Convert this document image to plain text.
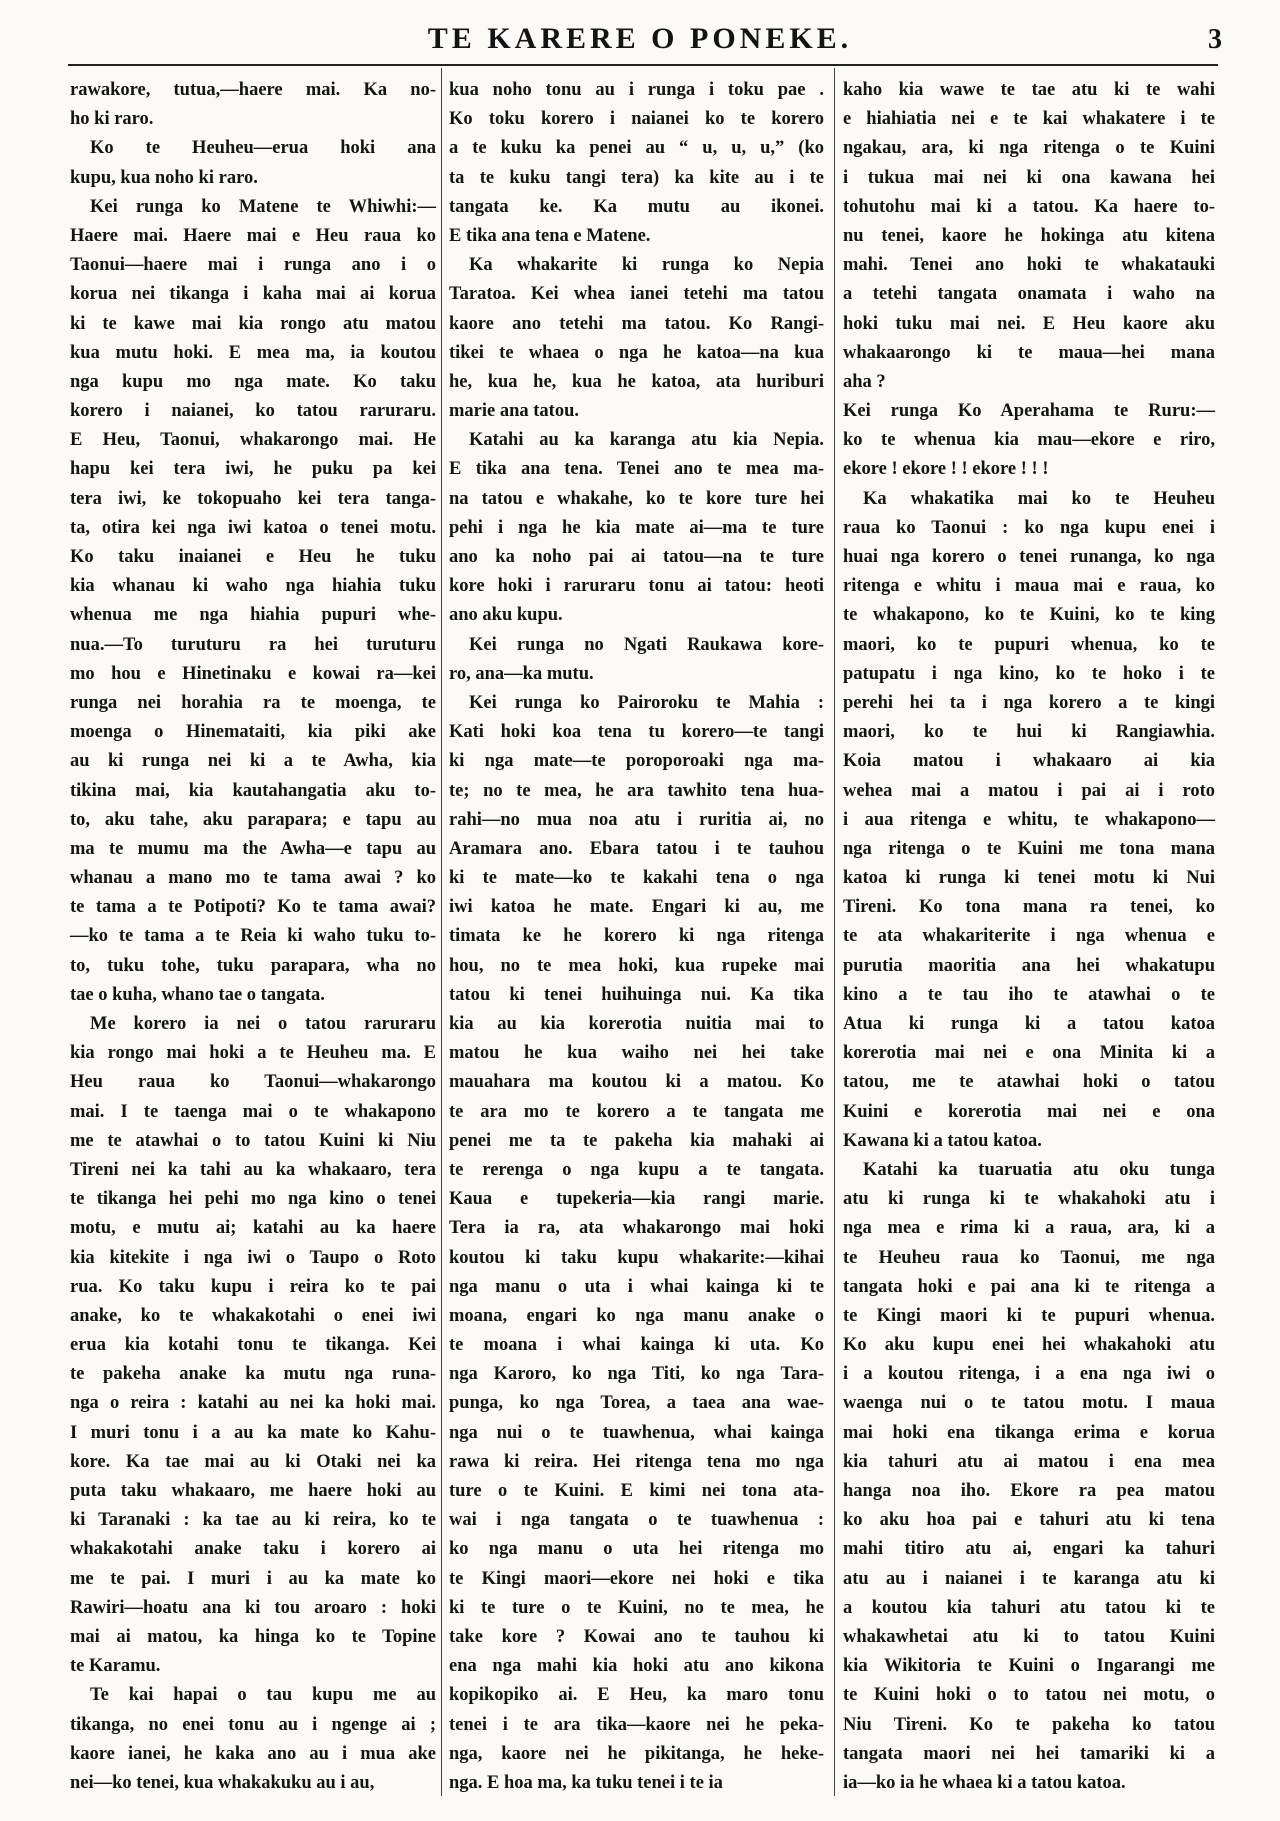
TE KARERE O PONEKE.	3
rawakore, tutua,—haere mai. Ka no-
ho ki raro.
Ko te Heuheu—erua hoki ana
kupu, kua noho ki raro.
Kei runga ko Matene te Whiwhi:—
Haere mai. Haere mai e Heu raua ko
Taonui—haere mai i runga ano i o
korua nei tikanga i kaha mai ai korua
ki te kawe mai kia rongo atu matou
kua mutu hoki. E mea ma, ia koutou
nga kupu mo nga mate. Ko taku
korero i naianei, ko tatou raruraru.
E Heu, Taonui, whakarongo mai. He
hapu kei tera iwi, he puku pa kei
tera iwi, ke tokopuaho kei tera tanga-
ta, otira kei nga iwi katoa o tenei motu.
Ko taku inaianei e Heu he tuku
kia whanau ki waho nga hiahia tuku
whenua me nga hiahia pupuri whe-
nua.—To turuturu ra hei turuturu
mo hou e Hinetinaku e kowai ra—kei
runga nei horahia ra te moenga, te
moenga o Hinemataiti, kia piki ake
au ki runga nei ki a te Awha, kia
tikina mai, kia kautahangatia aku to-
to, aku tahe, aku parapara; e tapu au
ma te mumu ma the Awha—e tapu au
whanau a mano mo te tama awai ? ko
te tama a te Potipoti? Ko te tama awai?
—ko te tama a te Reia ki waho tuku to-
to, tuku tohe, tuku parapara, wha no
tae o kuha, whano tae o tangata.
Me korero ia nei o tatou raruraru
kia rongo mai hoki a te Heuheu ma. E
Heu raua ko Taonui—whakarongo
mai. I te taenga mai o te whakapono
me te atawhai o to tatou Kuini ki Niu
Tireni nei ka tahi au ka whakaaro, tera
te tikanga hei pehi mo nga kino o tenei
motu, e mutu ai; katahi au ka haere
kia kitekite i nga iwi o Taupo o Roto
rua. Ko taku kupu i reira ko te pai
anake, ko te whakakotahi o enei iwi
erua kia kotahi tonu te tikanga. Kei
te pakeha anake ka mutu nga runa-
nga o reira : katahi au nei ka hoki mai.
I muri tonu i a au ka mate ko Kahu-
kore. Ka tae mai au ki Otaki nei ka
puta taku whakaaro, me haere hoki au
ki Taranaki : ka tae au ki reira, ko te
whakakotahi anake taku i korero ai
me te pai. I muri i au ka mate ko
Rawiri—hoatu ana ki tou aroaro : hoki
mai ai matou, ka hinga ko te Topine
te Karamu.
Te kai hapai o tau kupu me au
tikanga, no enei tonu au i ngenge ai ;
kaore ianei, he kaka ano au i mua ake
nei—ko tenei, kua whakakuku au i au,
kua noho tonu au i runga i toku pae .
Ko toku korero i naianei ko te korero
a te kuku ka penei au “ u, u, u,” (ko
ta te kuku tangi tera) ka kite au i te
tangata ke. Ka mutu au ikonei.
E tika ana tena e Matene.
Ka whakarite ki runga ko Nepia
Taratoa. Kei whea ianei tetehi ma tatou
kaore ano tetehi ma tatou. Ko Rangi-
tikei te whaea o nga he katoa—na kua
he, kua he, kua he katoa, ata huriburi
marie ana tatou.
Katahi au ka karanga atu kia Nepia.
E tika ana tena. Tenei ano te mea ma-
na tatou e whakahe, ko te kore ture hei
pehi i nga he kia mate ai—ma te ture
ano ka noho pai ai tatou—na te ture
kore hoki i raruraru tonu ai tatou: heoti
ano aku kupu.
Kei runga no Ngati Raukawa kore-
ro, ana—ka mutu.
Kei runga ko Pairoroku te Mahia :
Kati hoki koa tena tu korero—te tangi
ki nga mate—te poroporoaki nga ma-
te; no te mea, he ara tawhito tena hua-
rahi—no mua noa atu i ruritia ai, no
Aramara ano. Ebara tatou i te tauhou
ki te mate—ko te kakahi tena o nga
iwi katoa he mate. Engari ki au, me
timata ke he korero ki nga ritenga
hou, no te mea hoki, kua rupeke mai
tatou ki tenei huihuinga nui. Ka tika
kia au kia korerotia nuitia mai to
matou he kua waiho nei hei take
mauahara ma koutou ki a matou. Ko
te ara mo te korero a te tangata me
penei me ta te pakeha kia mahaki ai
te rerenga o nga kupu a te tangata.
Kaua e tupekeria—kia rangi marie.
Tera ia ra, ata whakarongo mai hoki
koutou ki taku kupu whakarite:—kihai
nga manu o uta i whai kainga ki te
moana, engari ko nga manu anake o
te moana i whai kainga ki uta. Ko
nga Karoro, ko nga Titi, ko nga Tara-
punga, ko nga Torea, a taea ana wae-
nga nui o te tuawhenua, whai kainga
rawa ki reira. Hei ritenga tena mo nga
ture o te Kuini. E kimi nei tona ata-
wai i nga tangata o te tuawhenua :
ko nga manu o uta hei ritenga mo
te Kingi maori—ekore nei hoki e tika
ki te ture o te Kuini, no te mea, he
take kore ? Kowai ano te tauhou ki
ena nga mahi kia hoki atu ano kikona
kopikopiko ai. E Heu, ka maro tonu
tenei i te ara tika—kaore nei he peka-
nga, kaore nei he pikitanga, he heke-
nga. E hoa ma, ka tuku tenei i te ia
kaho kia wawe te tae atu ki te wahi
e hiahiatia nei e te kai whakatere i te
ngakau, ara, ki nga ritenga o te Kuini
i tukua mai nei ki ona kawana hei
tohutohu mai ki a tatou. Ka haere to-
nu tenei, kaore he hokinga atu kitena
mahi. Tenei ano hoki te whakatauki
a tetehi tangata onamata i waho na
hoki tuku mai nei. E Heu kaore aku
whakaarongo ki te maua—hei mana
aha ?
Kei runga Ko Aperahama te Ruru:—
ko te whenua kia mau—ekore e riro,
ekore ! ekore ! ! ekore ! ! !
Ka whakatika mai ko te Heuheu
raua ko Taonui : ko nga kupu enei i
huai nga korero o tenei runanga, ko nga
ritenga e whitu i maua mai e raua, ko
te whakapono, ko te Kuini, ko te king
maori, ko te pupuri whenua, ko te
patupatu i nga kino, ko te hoko i te
perehi hei ta i nga korero a te kingi
maori, ko te hui ki Rangiawhia.
Koia matou i whakaaro ai kia
wehea mai a matou i pai ai i roto
i aua ritenga e whitu, te whakapono—
nga ritenga o te Kuini me tona mana
katoa ki runga ki tenei motu ki Nui
Tireni. Ko tona mana ra tenei, ko
te ata whakariterite i nga whenua e
purutia maoritia ana hei whakatupu
kino a te tau iho te atawhai o te
Atua ki runga ki a tatou katoa
korerotia mai nei e ona Minita ki a
tatou, me te atawhai hoki o tatou
Kuini e korerotia mai nei e ona
Kawana ki a tatou katoa.
Katahi ka tuaruatia atu oku tunga
atu ki runga ki te whakahoki atu i
nga mea e rima ki a raua, ara, ki a
te Heuheu raua ko Taonui, me nga
tangata hoki e pai ana ki te ritenga a
te Kingi maori ki te pupuri whenua.
Ko aku kupu enei hei whakahoki atu
i a koutou ritenga, i a ena nga iwi o
waenga nui o te tatou motu. I maua
mai hoki ena tikanga erima e korua
kia tahuri atu ai matou i ena mea
hanga noa iho. Ekore ra pea matou
ko aku hoa pai e tahuri atu ki tena
mahi titiro atu ai, engari ka tahuri
atu au i naianei i te karanga atu ki
a koutou kia tahuri atu tatou ki te
whakawhetai atu ki to tatou Kuini
kia Wikitoria te Kuini o Ingarangi me
te Kuini hoki o to tatou nei motu, o
Niu Tireni. Ko te pakeha ko tatou
tangata maori nei hei tamariki ki a
ia—ko ia he whaea ki a tatou katoa.
